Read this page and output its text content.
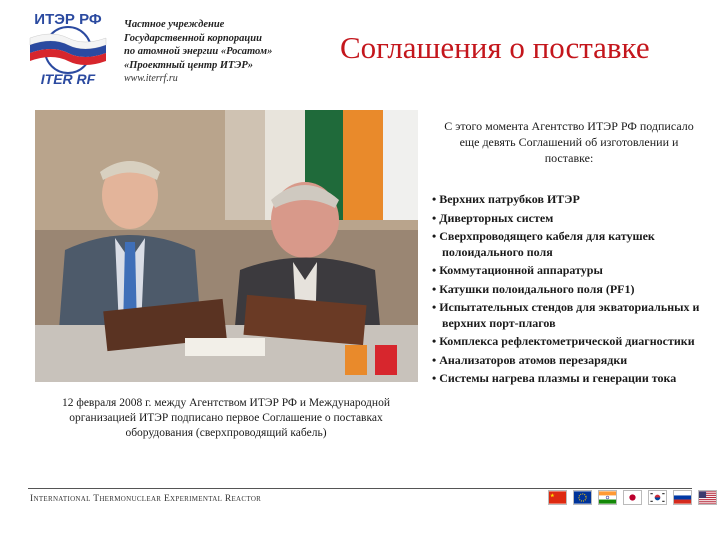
ИТЭР РФ
ITER RF
Частное учреждение
Государственной корпорации
по атомной энергии «Росатом»
«Проектный центр ИТЭР»
www.iterrf.ru
Соглашения о поставке
12 февраля 2008 г. между Агентством ИТЭР РФ и Международной организацией ИТЭР подписано первое Соглашение о поставках оборудования (сверхпроводящий кабель)
С этого момента Агентство ИТЭР РФ подписало еще девять Соглашений об изготовлении и поставке:
• Верхних патрубков ИТЭР
• Диверторных систем
• Сверхпроводящего кабеля для катушек полоидального поля
• Коммутационной аппаратуры
• Катушки полоидального поля (PF1)
• Испытательных стендов для экваториальных и верхних порт-плагов
• Комплекса рефлектометрической диагностики
• Анализаторов атомов перезарядки
• Системы нагрева плазмы и генерации тока
International Thermonuclear Experimental Reactor
